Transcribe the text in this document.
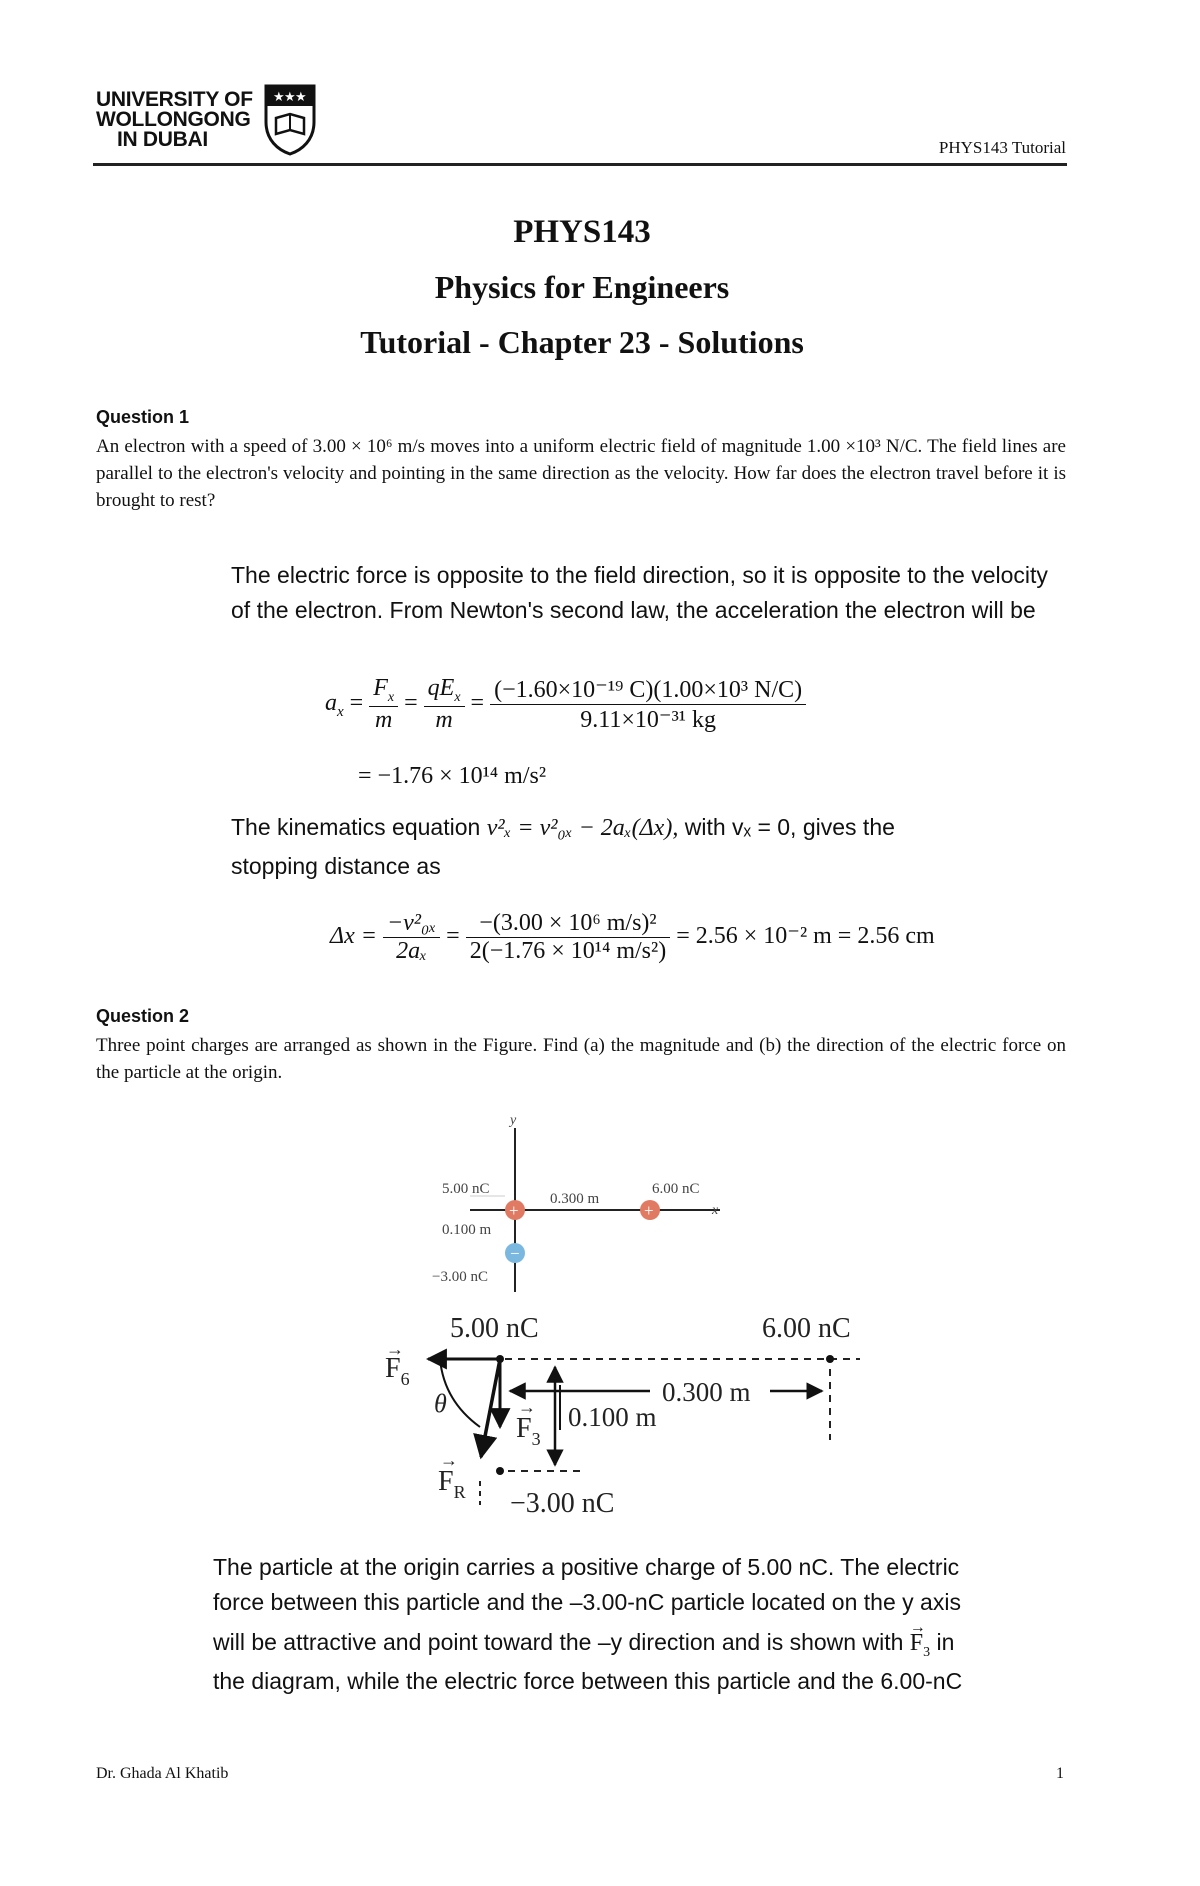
UNIVERSITY OF
WOLLONGONG
IN DUBAI
★ ★ ★
PHYS143 Tutorial
PHYS143
Physics for Engineers
Tutorial - Chapter 23 - Solutions
Question 1
An electron with a speed of 3.00 × 10⁶ m/s moves into a uniform electric field of magnitude 1.00 ×10³ N/C. The field lines are parallel to the electron's velocity and pointing in the same direction as the velocity. How far does the electron travel before it is brought to rest?
The electric force is opposite to the field direction, so it is opposite to the velocity of the electron. From Newton's second law, the acceleration the electron will be
$a_x = \frac{F_x}{m} = \frac{qE_x}{m} = \frac{\text{(−1.60×10⁻¹⁹ C)(1.00×10³ N/C)}}{\text{9.11×10⁻³¹ kg}}$
= −1.76 × 10¹⁴ m/s²
The kinematics equation v²ₓ = v²₀ₓ − 2aₓ(Δx), with vₓ = 0, gives the
stopping distance as
$\Delta x = \frac{\text{−v²₀ₓ}}{\text{2aₓ}} = \frac{\text{−(3.00 × 10⁶ m/s)²}}{\text{2(−1.76 × 10¹⁴ m/s²)}} = 2.56 \times 10^{-2}$ m = 2.56 cm
Question 2
Three point charges are arranged as shown in the Figure. Find (a) the magnitude and (b) the direction of the electric force on the particle at the origin.
y
x
5.00 nC	6.00 nC
0.300 m
0.100 m
−3.00 nC
+	+
−
5.00 nC	6.00 nC
$F_6$
→
θ
$F_R$
→
$F_3$
→
−3.00 nC
0.100 m
0.300 m
The particle at the origin carries a positive charge of 5.00 nC. The electric
force between this particle and the –3.00-nC particle located on the y axis
will be attractive and point toward the –y direction and is shown with
→
$F_3$ in
the diagram, while the electric force between this particle and the 6.00-nC
Dr. Ghada Al Khatib	1
